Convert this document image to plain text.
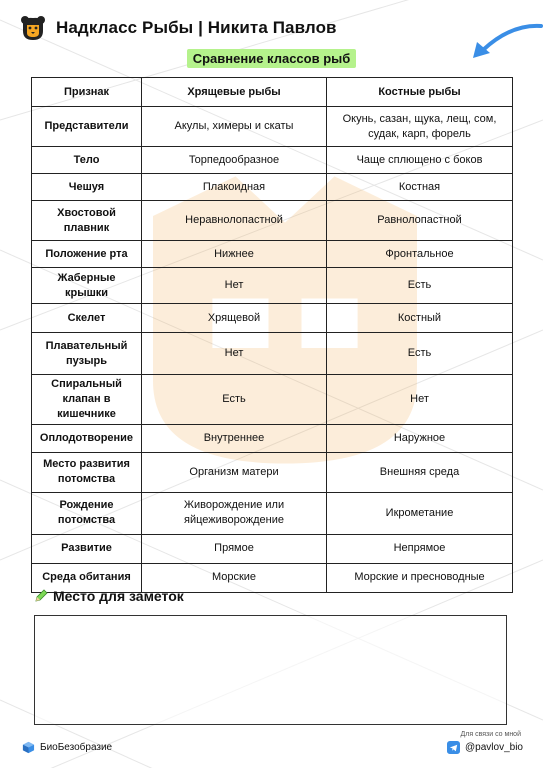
Надкласс Рыбы | Никита Павлов
Сравнение классов рыб
Признак	Хрящевые рыбы	Костные рыбы
Представители	Акулы, химеры и скаты	Окунь, сазан, щука, лещ, сом, судак, карп, форель
Тело	Торпедообразное	Чаще сплющено с боков
Чешуя	Плакоидная	Костная
Хвостовой плавник	Неравнолопастной	Равнолопастной
Положение рта	Нижнее	Фронтальное
Жаберные крышки	Нет	Есть
Скелет	Хрящевой	Костный
Плавательный пузырь	Нет	Есть
Спиральный клапан в кишечнике	Есть	Нет
Оплодотворение	Внутреннее	Наружное
Место развития потомства	Организм матери	Внешняя среда
Рождение потомства	Живорождение или яйцеживорождение	Икрометание
Развитие	Прямое	Непрямое
Среда обитания	Морские	Морские и пресноводные
Место для заметок
БиоБезобразие
Для связи со мной
@pavlov_bio
